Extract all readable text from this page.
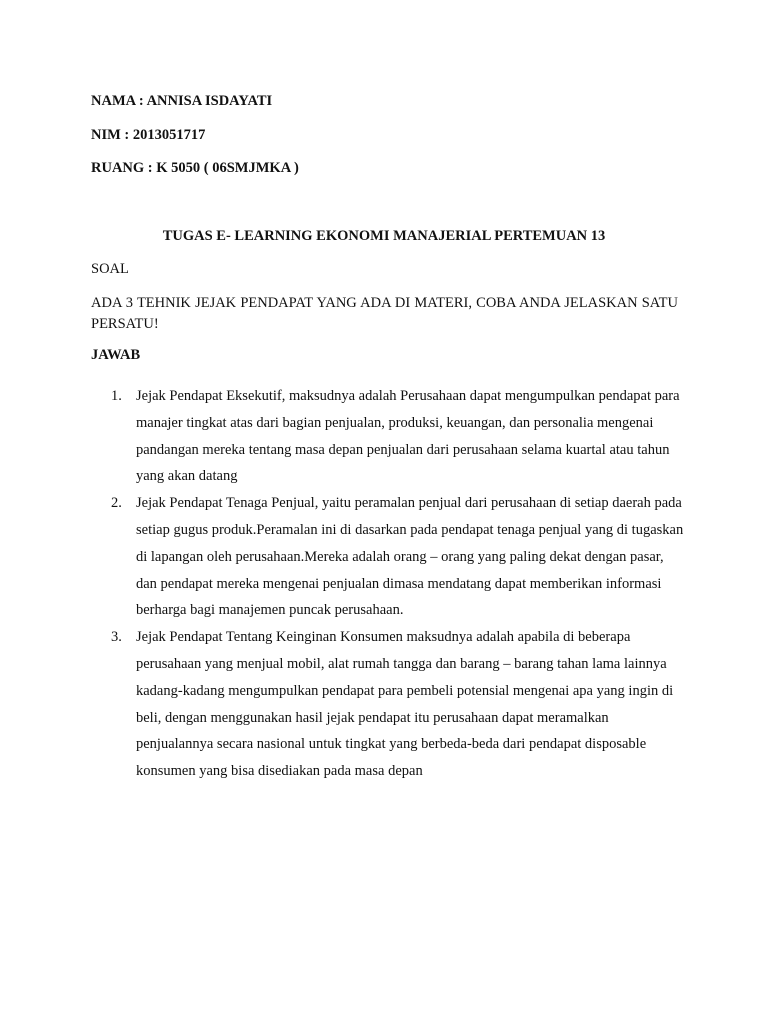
NAMA : ANNISA ISDAYATI
NIM : 2013051717
RUANG : K 5050 ( 06SMJMKA )
TUGAS E- LEARNING EKONOMI MANAJERIAL PERTEMUAN 13
SOAL
ADA 3 TEHNIK JEJAK PENDAPAT YANG ADA DI MATERI, COBA ANDA JELASKAN SATU PERSATU!
JAWAB
1. Jejak Pendapat Eksekutif, maksudnya adalah Perusahaan dapat mengumpulkan pendapat para manajer tingkat atas dari bagian penjualan, produksi, keuangan, dan personalia mengenai pandangan mereka tentang masa depan penjualan dari perusahaan selama kuartal atau tahun yang akan datang
2. Jejak Pendapat Tenaga Penjual, yaitu peramalan penjual dari perusahaan di setiap daerah pada setiap gugus produk.Peramalan ini di dasarkan pada pendapat tenaga penjual yang di tugaskan di lapangan oleh perusahaan.Mereka adalah orang – orang yang paling dekat dengan pasar, dan pendapat mereka mengenai penjualan dimasa mendatang dapat memberikan informasi berharga bagi manajemen puncak perusahaan.
3. Jejak Pendapat Tentang Keinginan Konsumen maksudnya adalah apabila di beberapa perusahaan yang menjual mobil, alat rumah tangga dan barang – barang tahan lama lainnya kadang-kadang mengumpulkan pendapat para pembeli potensial mengenai apa yang ingin di beli, dengan menggunakan hasil jejak pendapat itu perusahaan dapat meramalkan penjualannya secara nasional untuk tingkat yang berbeda-beda dari pendapat disposable konsumen yang bisa disediakan pada masa depan
